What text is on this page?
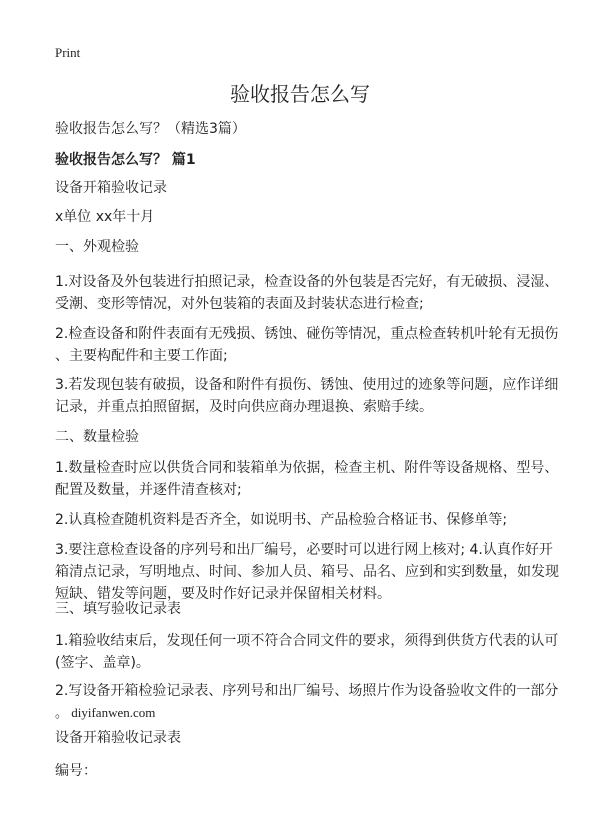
Print
验收报告怎么写
验收报告怎么写？（精选3篇）
验收报告怎么写？ 篇1
设备开箱验收记录
x单位 xx年十月
一、外观检验
1.对设备及外包装进行拍照记录，检查设备的外包装是否完好，有无破损、浸湿、
受潮、变形等情况，对外包装箱的表面及封装状态进行检查;
2.检查设备和附件表面有无残损、锈蚀、碰伤等情况，重点检查转机叶轮有无损伤
、主要构配件和主要工作面;
3.若发现包装有破损，设备和附件有损伤、锈蚀、使用过的迹象等问题，应作详细
记录，并重点拍照留据，及时向供应商办理退换、索赔手续。
二、数量检验
1.数量检查时应以供货合同和装箱单为依据，检查主机、附件等设备规格、型号、
配置及数量，并逐件清查核对;
2.认真检查随机资料是否齐全，如说明书、产品检验合格证书、保修单等;
3.要注意检查设备的序列号和出厂编号，必要时可以进行网上核对; 4.认真作好开
箱清点记录，写明地点、时间、参加人员、箱号、品名、应到和实到数量，如发现
短缺、错发等问题，要及时作好记录并保留相关材料。
三、填写验收记录表
1.箱验收结束后，发现任何一项不符合合同文件的要求，须得到供货方代表的认可
(签字、盖章)。
2.写设备开箱检验记录表、序列号和出厂编号、场照片作为设备验收文件的一部分
。 diyifanwen.com
设备开箱验收记录表
编号：
